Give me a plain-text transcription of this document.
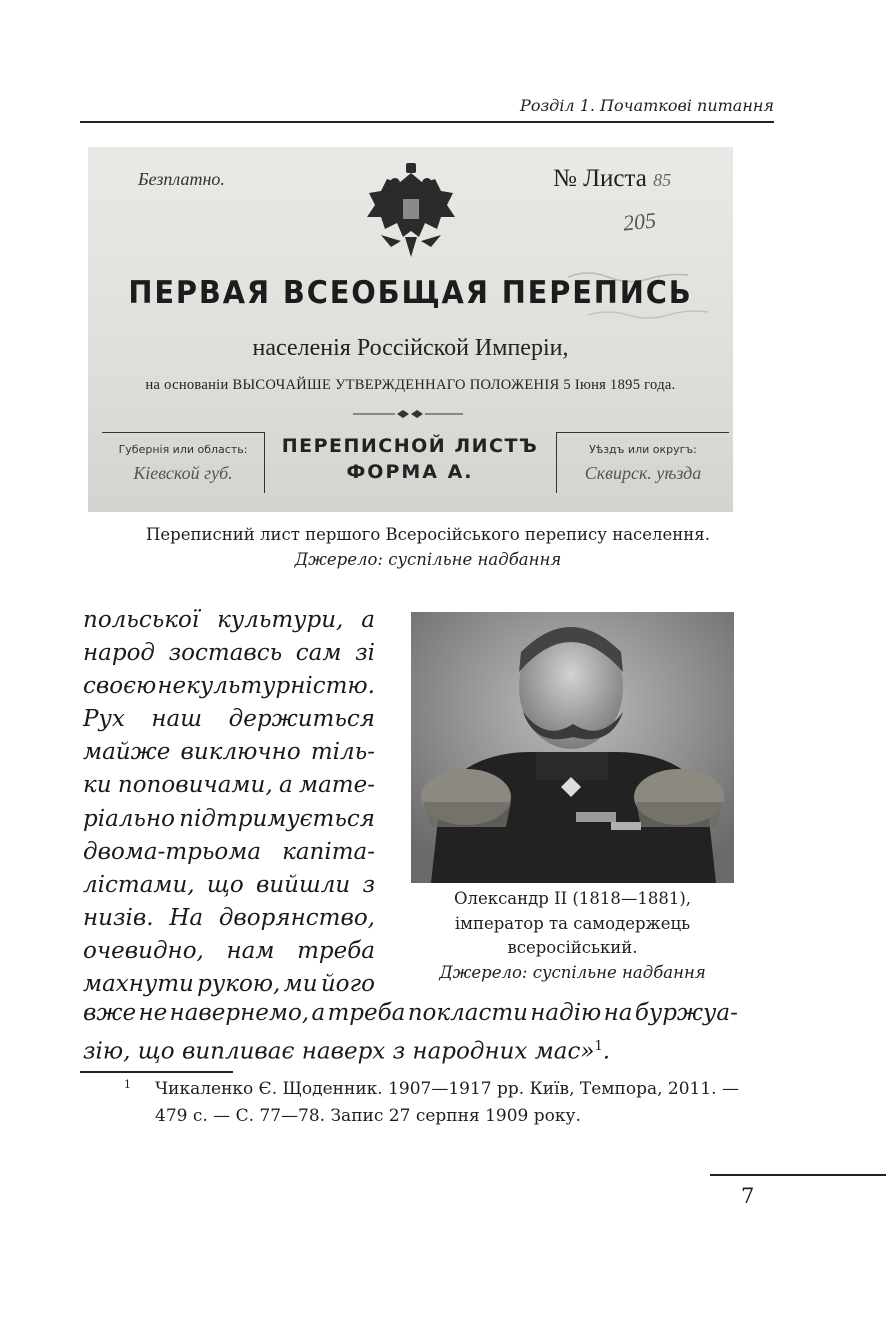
Розділ 1. Початкові питання
Безплатно.	№ Листа 85
205
ПЕРВАЯ ВСЕОБЩАЯ ПЕРЕПИСЬ
населенія Россійской Имперіи,
на основаніи ВЫСОЧАЙШЕ УТВЕРЖДЕННАГО ПОЛОЖЕНІЯ 5 Іюня 1895 года.
Губернія или область:
Кіевской губ.
ПЕРЕПИСНОЙ ЛИСТЪ
ФОРМА А.
Уѣздъ или округъ:
Сквирск. уѣзда
Переписний лист першого Всеросійського перепису населення.
Джерело: суспільне надбання
Олександр II (1818—1881),
імператор та самодержець
всеросійський.
Джерело: суспільне надбання
польської культури, а
народ зоставсь сам зі
своєю некультурністю.
Рух наш держиться
майже виключно тіль-
ки поповичами, а мате-
ріально підтримується
двома-трьома капіта-
лістами, що вийшли з
низів. На дворянство,
очевидно, нам треба
махнути рукою, ми його
вже не навернемо, а треба покласти надію на буржуа-
зію, що випливає наверх з народних мас»$^1$.
1 Чикаленко Є. Щоденник. 1907—1917 рр. Київ, Темпора, 2011. — 479 с. — С. 77—78. Запис 27 серпня 1909 року.
7
